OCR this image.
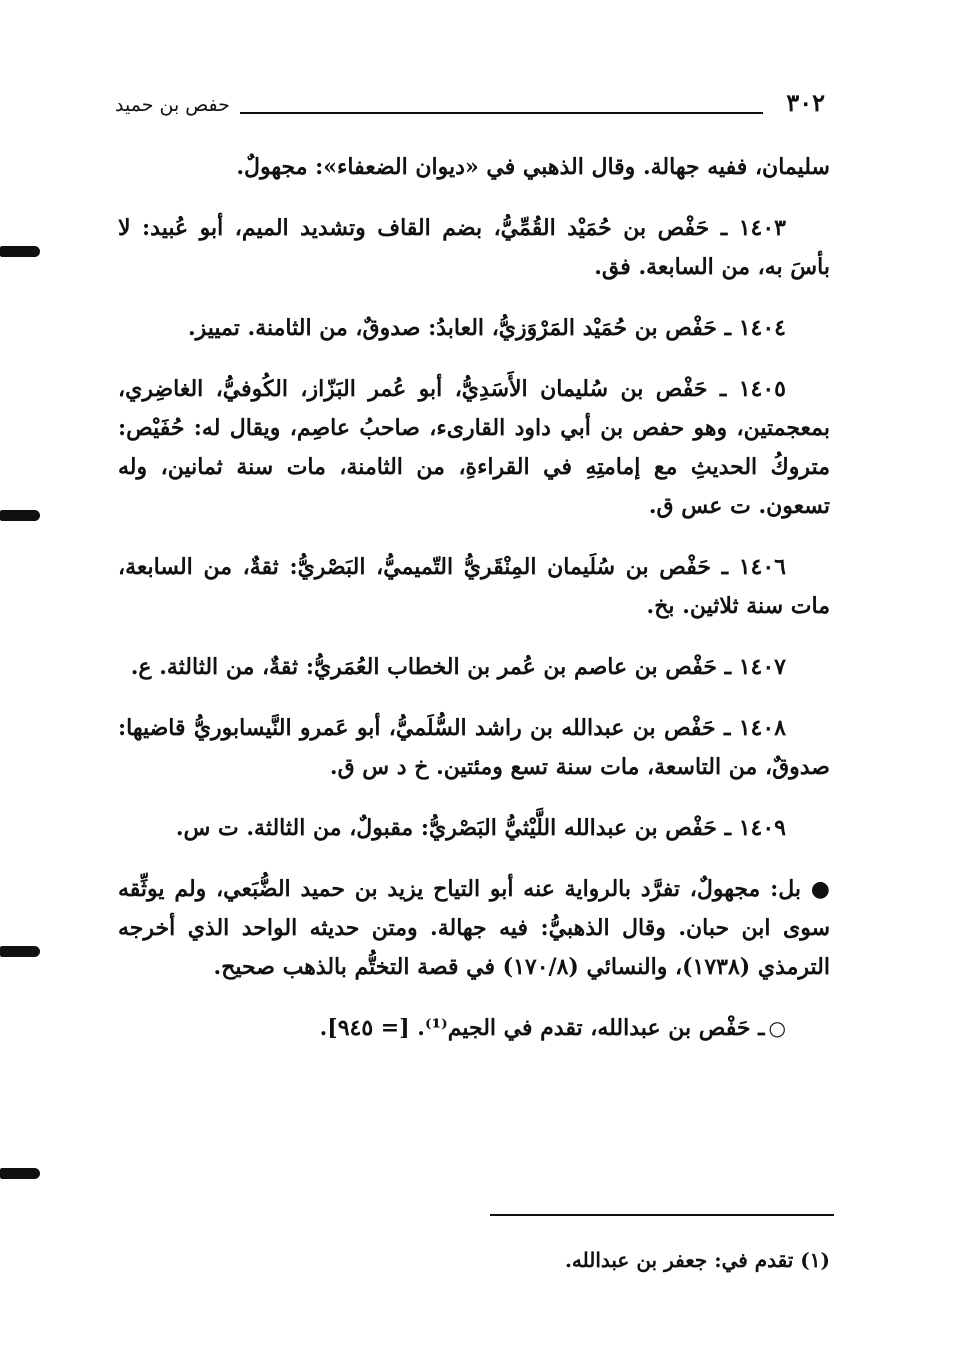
٣٠٢
حفص بن حميد

سليمان، ففيه جهالة. وقال الذهبي في «ديوان الضعفاء»: مجهولٌ.

١٤٠٣ ـ حَفْص بن حُمَيْد القُمِّيُّ، بضم القاف وتشديد الميم، أبو عُبيد: لا بأسَ به، من السابعة. فق.

١٤٠٤ ـ حَفْص بن حُمَيْد المَرْوَزيُّ، العابدُ: صدوقٌ، من الثامنة. تمييز.

١٤٠٥ ـ حَفْص بن سُليمان الأَسَدِيُّ، أبو عُمر البَزّاز، الكُوفيُّ، الغاضِري، بمعجمتين، وهو حفص بن أبي داود القارىء، صاحبُ عاصِم، ويقال له: حُفَيْص: متروكُ الحديثِ مع إمامتِهِ في القراءةِ، من الثامنة، مات سنة ثمانين، وله تسعون. ت عس ق.

١٤٠٦ ـ حَفْص بن سُلَيمان المِنْقَريُّ التّميميُّ، البَصْريُّ: ثقةٌ، من السابعة، مات سنة ثلاثين. بخ.

١٤٠٧ ـ حَفْص بن عاصم بن عُمر بن الخطاب العُمَريُّ: ثقةٌ، من الثالثة. ع.

١٤٠٨ ـ حَفْص بن عبدالله بن راشد السُّلَميُّ، أبو عَمرو النَّيسابوريُّ قاضيها: صدوقٌ، من التاسعة، مات سنة تسع ومئتين. خ د س ق.

١٤٠٩ ـ حَفْص بن عبدالله اللَّيْثيُّ البَصْريُّ: مقبولٌ، من الثالثة. ت س.

● بل: مجهولٌ، تفرَّد بالرواية عنه أبو التياح يزيد بن حميد الضُّبَعي، ولم يوثِّقه سوى ابن حبان. وقال الذهبيُّ: فيه جهالة. ومتن حديثه الواحد الذي أخرجه الترمذي (١٧٣٨)، والنسائي (١٧٠/٨) في قصة التختُّم بالذهب صحيح.

○ـ حَفْص بن عبدالله، تقدم في الجيم⁽¹⁾. [= ٩٤٥].

(١) تقدم في: جعفر بن عبدالله.
